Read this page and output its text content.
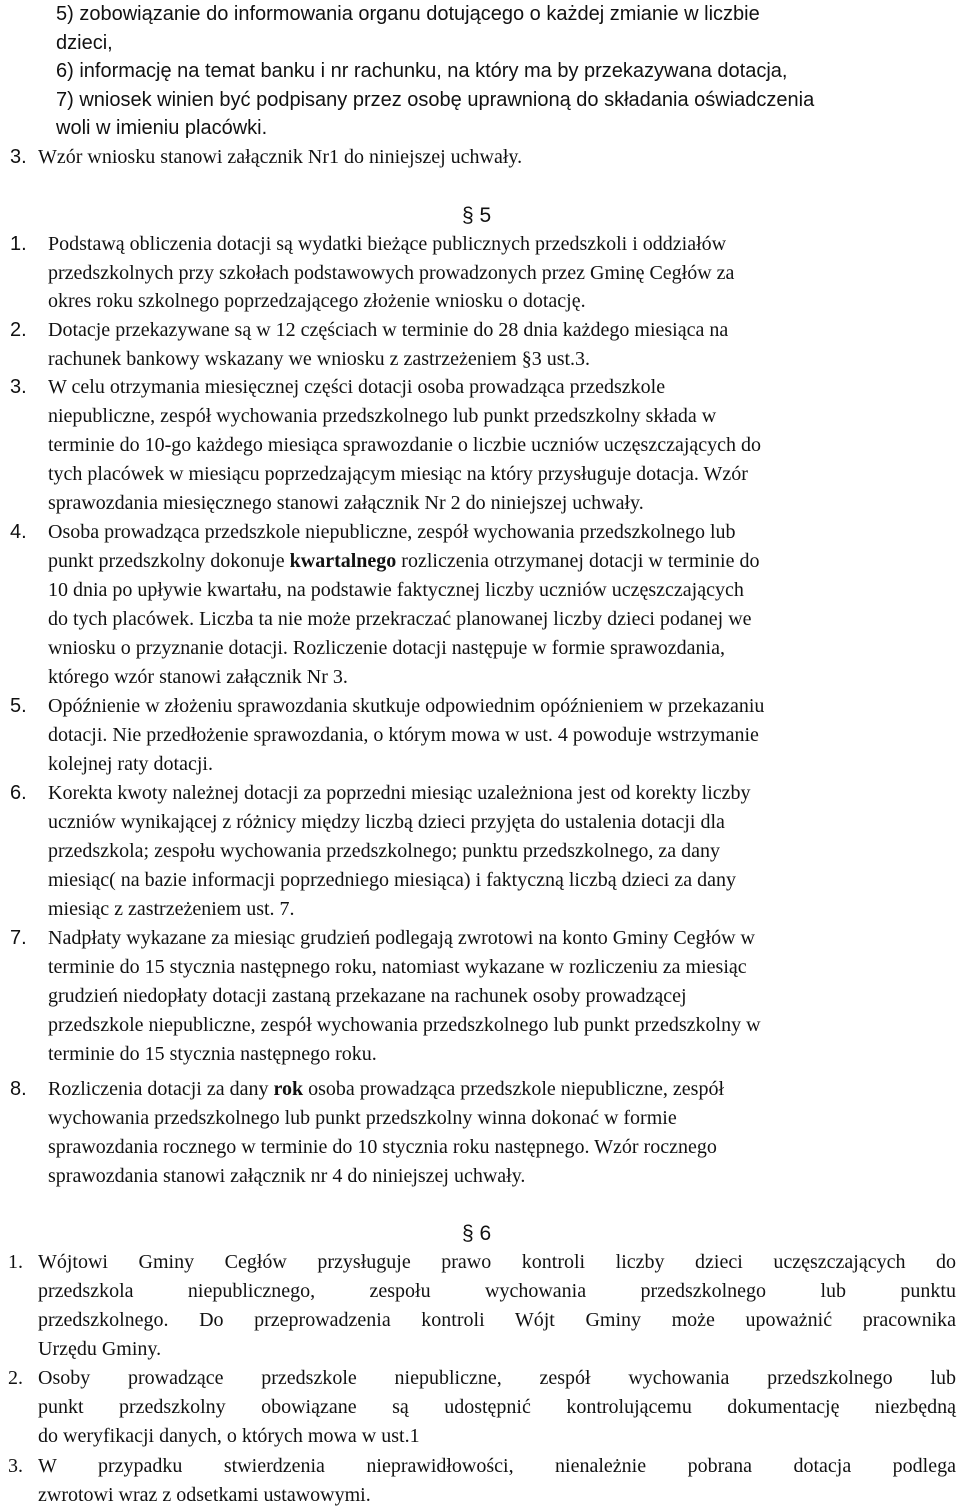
5) zobowiązanie do informowania organu dotującego o każdej zmianie w liczbie
dzieci,
6) informację na temat banku i nr rachunku, na który ma by przekazywana dotacja,
7) wniosek winien być podpisany przez osobę uprawnioną do składania oświadczenia
woli w imieniu placówki.
3. Wzór wniosku stanowi załącznik Nr1 do niniejszej uchwały.
§ 5
1. Podstawą obliczenia dotacji są wydatki bieżące publicznych przedszkoli i oddziałów
przedszkolnych przy szkołach podstawowych prowadzonych przez Gminę Cegłów za
okres roku szkolnego poprzedzającego złożenie wniosku o dotację.
2. Dotacje przekazywane są w 12 częściach w terminie do 28 dnia każdego miesiąca na
rachunek bankowy wskazany we wniosku z zastrzeżeniem §3 ust.3.
3. W celu otrzymania miesięcznej części dotacji osoba prowadząca przedszkole
niepubliczne, zespół wychowania przedszkolnego lub punkt przedszkolny składa w
terminie do 10-go każdego miesiąca sprawozdanie o liczbie uczniów uczęszczających do
tych placówek w miesiącu poprzedzającym miesiąc na który przysługuje dotacja. Wzór
sprawozdania miesięcznego stanowi załącznik Nr 2 do niniejszej uchwały.
4. Osoba prowadząca przedszkole niepubliczne, zespół wychowania przedszkolnego lub
punkt przedszkolny dokonuje kwartalnego rozliczenia otrzymanej dotacji w terminie do
10 dnia po upływie kwartału, na podstawie faktycznej liczby uczniów uczęszczających
do tych placówek. Liczba ta nie może przekraczać planowanej liczby dzieci podanej we
wniosku o przyznanie dotacji. Rozliczenie dotacji następuje w formie sprawozdania,
którego wzór stanowi załącznik Nr 3.
5. Opóźnienie w złożeniu sprawozdania skutkuje odpowiednim opóźnieniem w przekazaniu
dotacji. Nie przedłożenie sprawozdania, o którym mowa w ust. 4 powoduje wstrzymanie
kolejnej raty dotacji.
6. Korekta kwoty należnej dotacji za poprzedni miesiąc uzależniona jest od korekty liczby
uczniów wynikającej z różnicy między liczbą dzieci przyjęta do ustalenia dotacji dla
przedszkola; zespołu wychowania przedszkolnego; punktu przedszkolnego, za dany
miesiąc( na bazie informacji poprzedniego miesiąca) i faktyczną liczbą dzieci za dany
miesiąc z zastrzeżeniem ust. 7.
7. Nadpłaty wykazane za miesiąc grudzień podlegają zwrotowi na konto Gminy Cegłów w
terminie do 15 stycznia następnego roku, natomiast wykazane w rozliczeniu za miesiąc
grudzień niedopłaty dotacji zastaną przekazane na rachunek osoby prowadzącej
przedszkole niepubliczne, zespół wychowania przedszkolnego lub punkt przedszkolny w
terminie do 15 stycznia następnego roku.
8. Rozliczenia dotacji za dany rok osoba prowadząca przedszkole niepubliczne, zespół
wychowania przedszkolnego lub punkt przedszkolny winna dokonać w formie
sprawozdania rocznego w terminie do 10 stycznia roku następnego. Wzór rocznego
sprawozdania stanowi załącznik nr 4 do niniejszej uchwały.
§ 6
1. Wójtowi Gminy Cegłów przysługuje prawo kontroli liczby dzieci uczęszczających do
przedszkola niepublicznego, zespołu wychowania przedszkolnego lub punktu
przedszkolnego. Do przeprowadzenia kontroli Wójt Gminy może upoważnić pracownika
Urzędu Gminy.
2. Osoby prowadzące przedszkole niepubliczne, zespół wychowania przedszkolnego lub
punkt przedszkolny obowiązane są udostępnić kontrolującemu dokumentację niezbędną
do weryfikacji danych, o których mowa w ust.1
3. W przypadku stwierdzenia nieprawidłowości, nienależnie pobrana dotacja podlega
zwrotowi wraz z odsetkami ustawowymi.
